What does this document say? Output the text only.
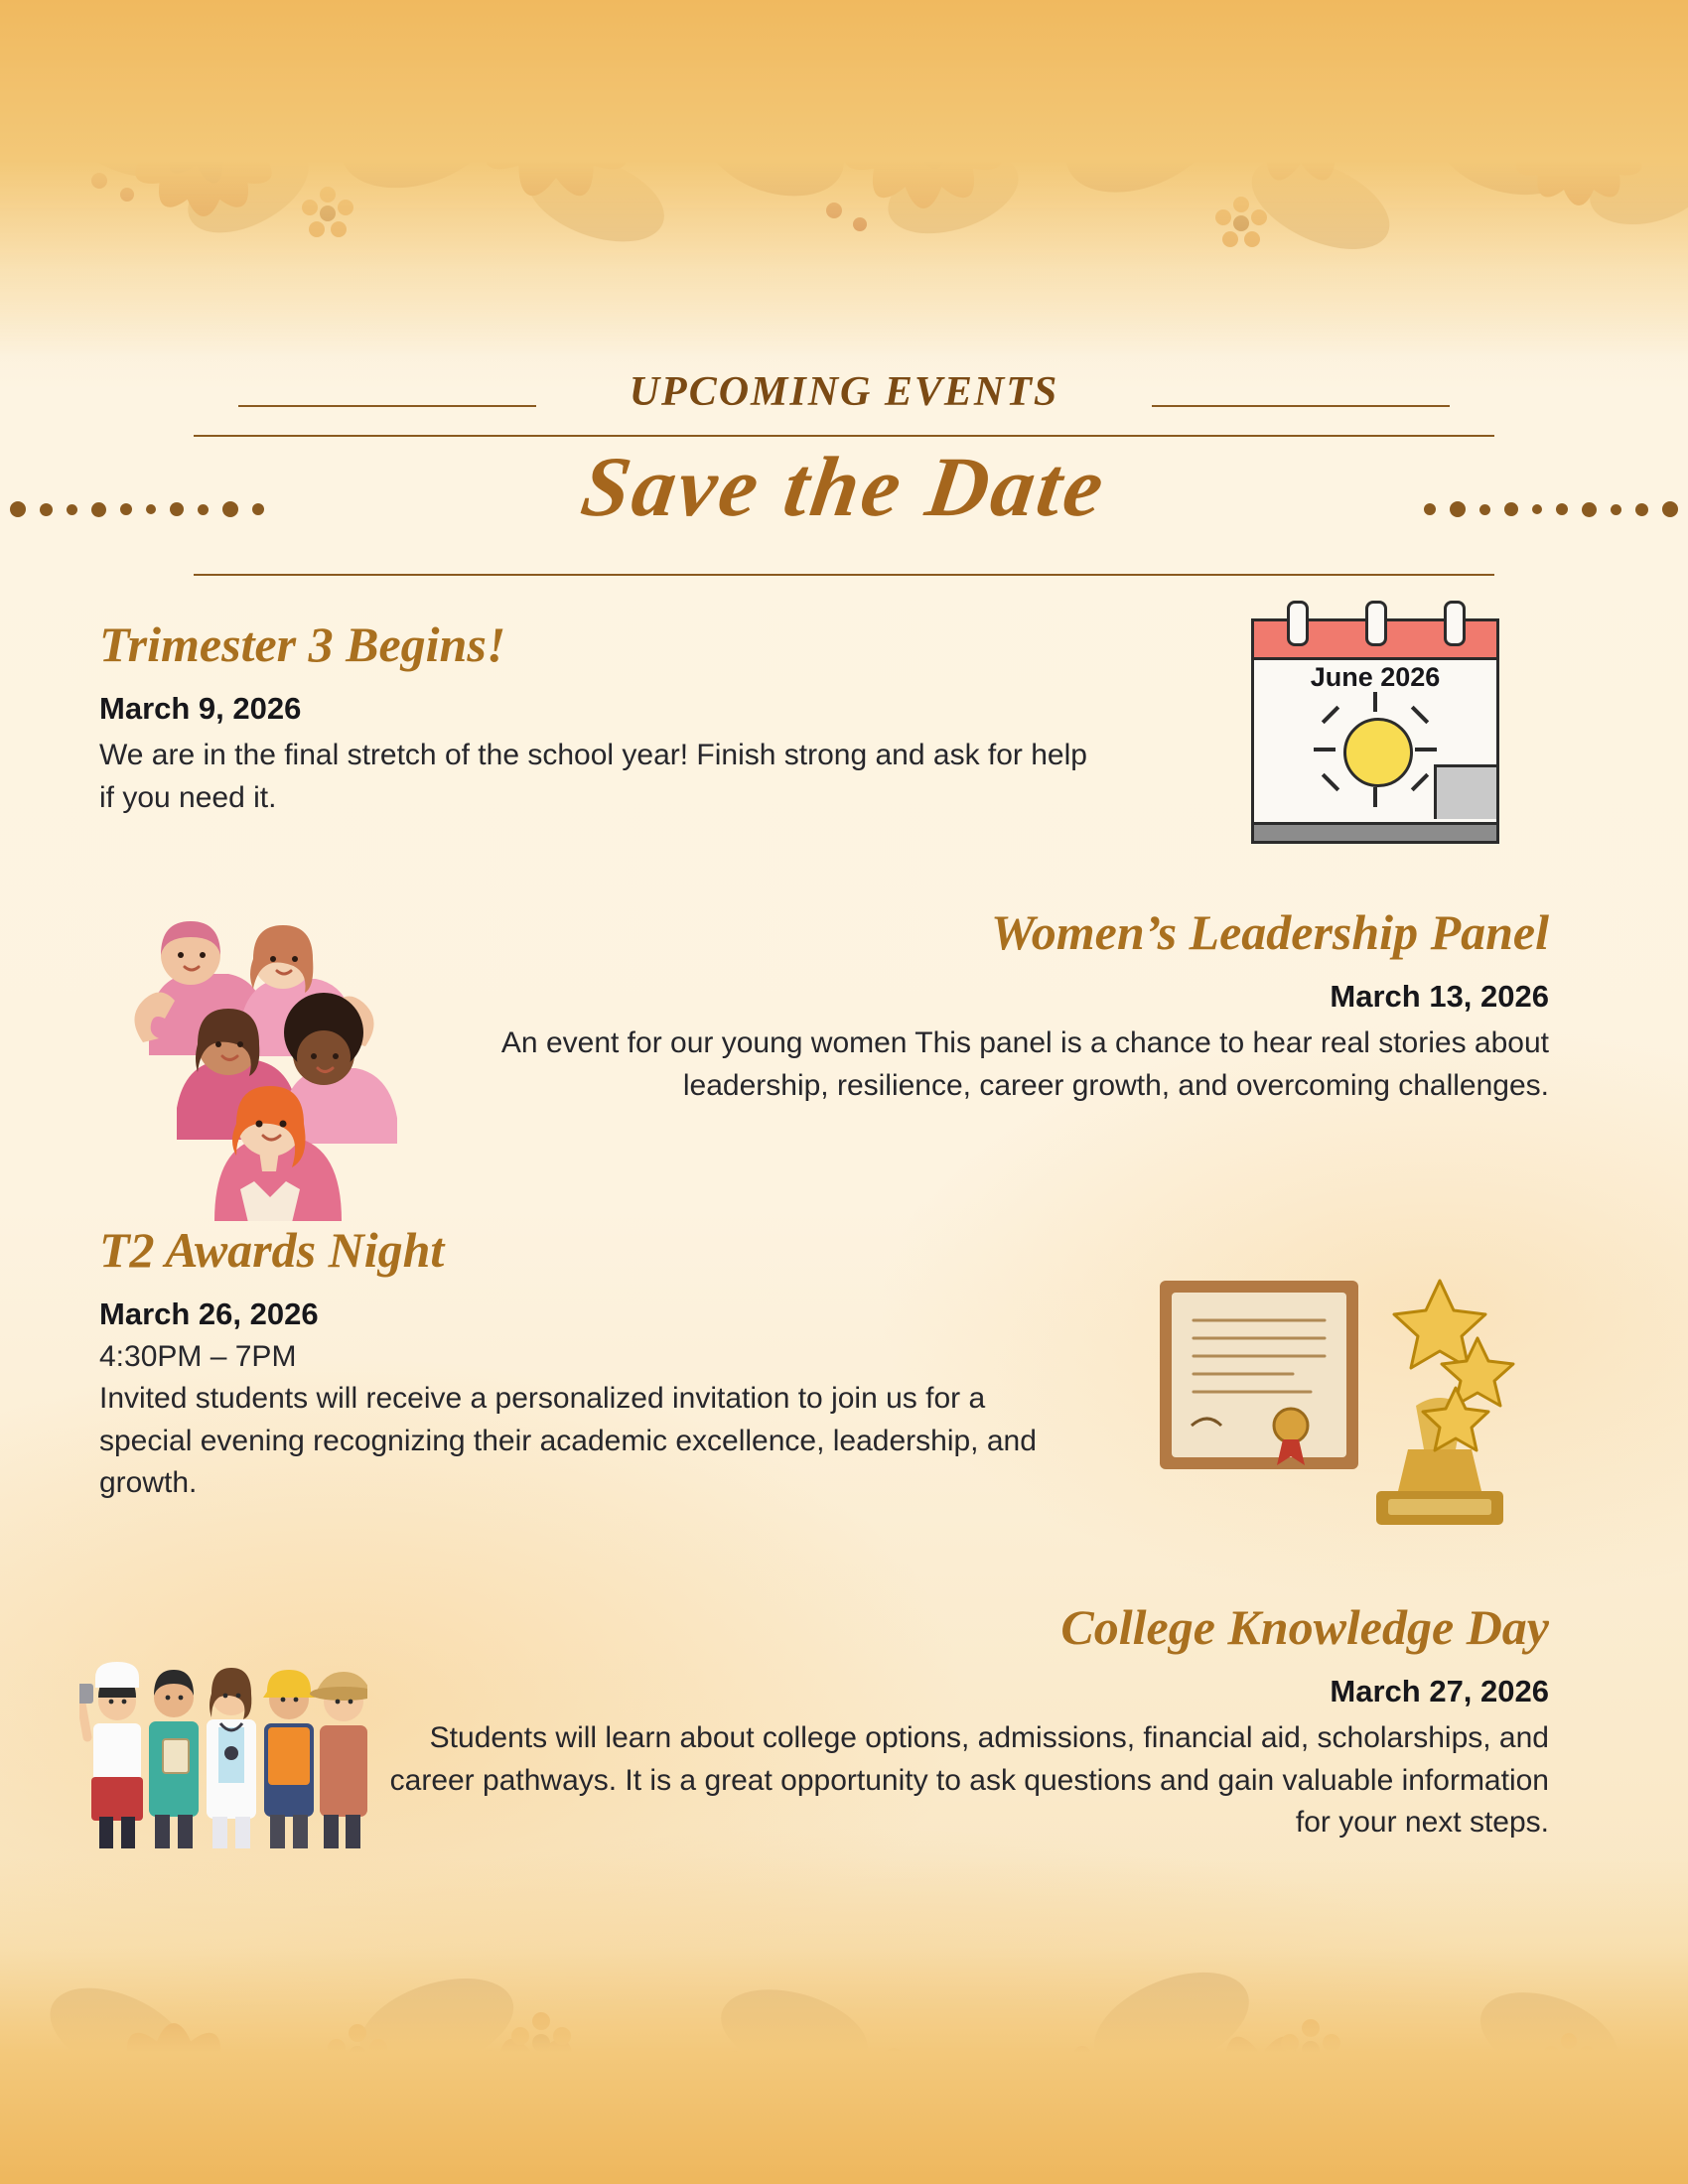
UPCOMING EVENTS
Save the Date
Trimester 3 Begins!

March 9, 2026

We are in the final stretch of the school year! Finish strong and ask for help if you need it.

June 2026
Women’s Leadership Panel

March 13, 2026

An event for our young women This panel is a chance to hear real stories about leadership, resilience, career growth, and overcoming challenges.

T2 Awards Night

March 26, 2026

4:30PM – 7PM

Invited students will receive a personalized invitation to join us for a special evening recognizing their academic excellence, leadership, and growth.

College Knowledge Day

March 27, 2026

Students will learn about college options, admissions, financial aid, scholarships, and career pathways. It is a great opportunity to ask questions and gain valuable information for your next steps.
